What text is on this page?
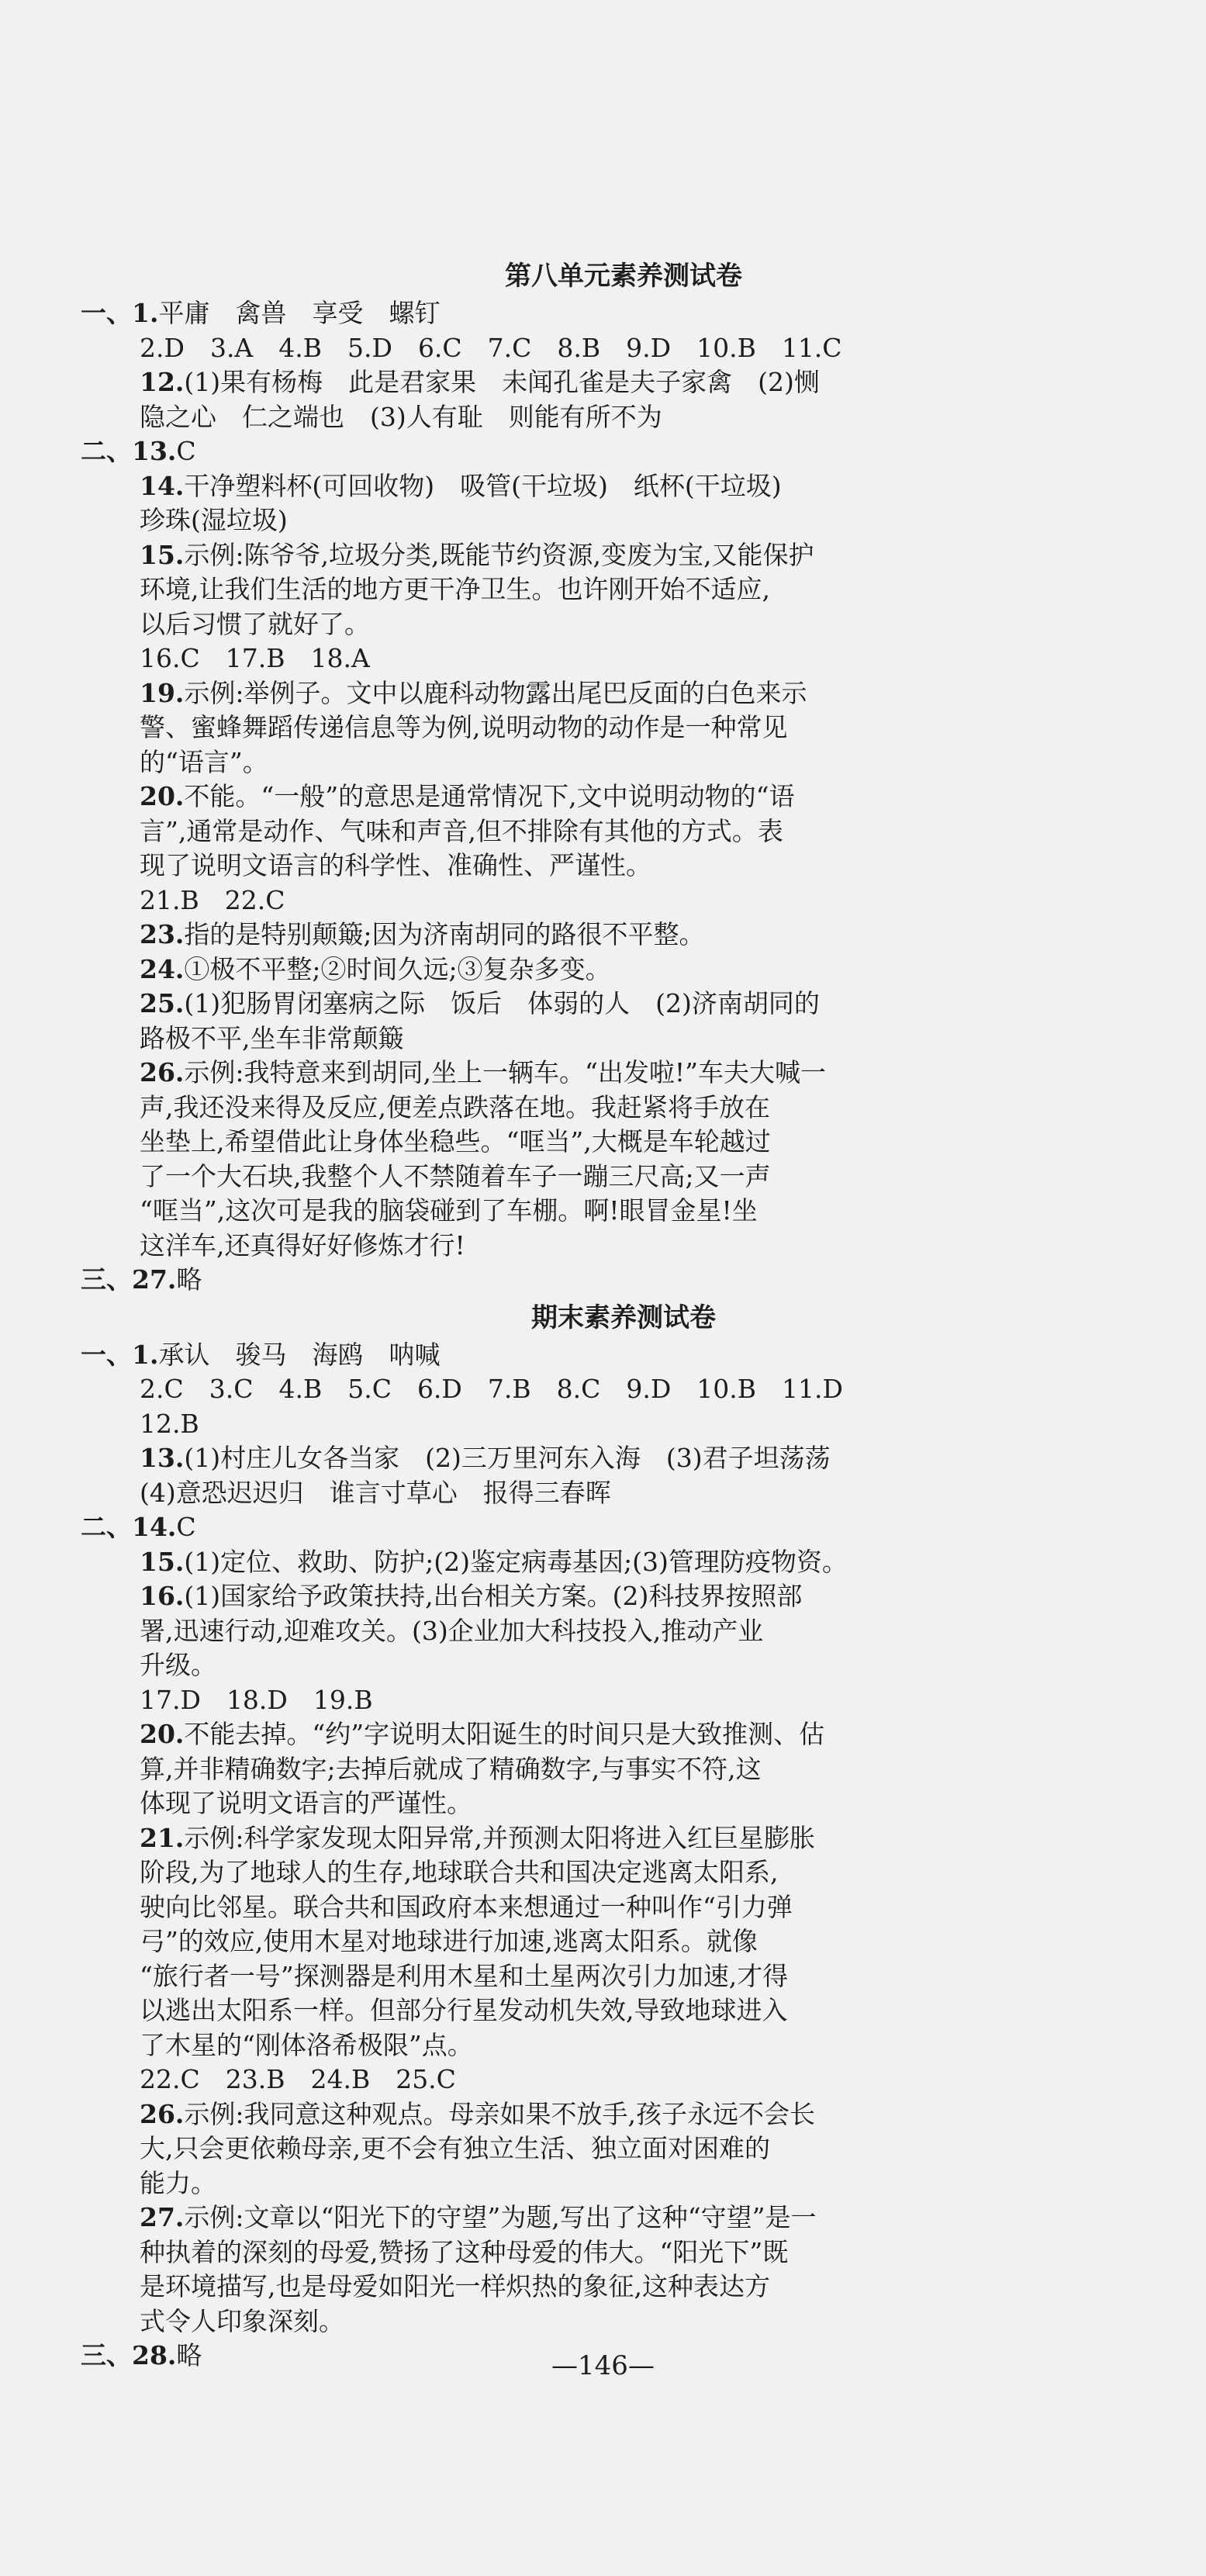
第八单元素养测试卷
一、1.平庸　禽兽　享受　螺钉
2.D　3.A　4.B　5.D　6.C　7.C　8.B　9.D　10.B　11.C
12.(1)果有杨梅　此是君家果　未闻孔雀是夫子家禽　(2)恻
隐之心　仁之端也　(3)人有耻　则能有所不为
二、13.C
14.干净塑料杯(可回收物)　吸管(干垃圾)　纸杯(干垃圾)
珍珠(湿垃圾)
15.示例:陈爷爷,垃圾分类,既能节约资源,变废为宝,又能保护
环境,让我们生活的地方更干净卫生。也许刚开始不适应,
以后习惯了就好了。
16.C　17.B　18.A
19.示例:举例子。文中以鹿科动物露出尾巴反面的白色来示
警、蜜蜂舞蹈传递信息等为例,说明动物的动作是一种常见
的“语言”。
20.不能。“一般”的意思是通常情况下,文中说明动物的“语
言”,通常是动作、气味和声音,但不排除有其他的方式。表
现了说明文语言的科学性、准确性、严谨性。
21.B　22.C
23.指的是特别颠簸;因为济南胡同的路很不平整。
24.①极不平整;②时间久远;③复杂多变。
25.(1)犯肠胃闭塞病之际　饭后　体弱的人　(2)济南胡同的
路极不平,坐车非常颠簸
26.示例:我特意来到胡同,坐上一辆车。“出发啦!”车夫大喊一
声,我还没来得及反应,便差点跌落在地。我赶紧将手放在
坐垫上,希望借此让身体坐稳些。“哐当”,大概是车轮越过
了一个大石块,我整个人不禁随着车子一蹦三尺高;又一声
“哐当”,这次可是我的脑袋碰到了车棚。啊!眼冒金星!坐
这洋车,还真得好好修炼才行!
三、27.略
期末素养测试卷
一、1.承认　骏马　海鸥　呐喊
2.C　3.C　4.B　5.C　6.D　7.B　8.C　9.D　10.B　11.D
12.B
13.(1)村庄儿女各当家　(2)三万里河东入海　(3)君子坦荡荡
(4)意恐迟迟归　谁言寸草心　报得三春晖
二、14.C
15.(1)定位、救助、防护;(2)鉴定病毒基因;(3)管理防疫物资。
16.(1)国家给予政策扶持,出台相关方案。(2)科技界按照部
署,迅速行动,迎难攻关。(3)企业加大科技投入,推动产业
升级。
17.D　18.D　19.B
20.不能去掉。“约”字说明太阳诞生的时间只是大致推测、估
算,并非精确数字;去掉后就成了精确数字,与事实不符,这
体现了说明文语言的严谨性。
21.示例:科学家发现太阳异常,并预测太阳将进入红巨星膨胀
阶段,为了地球人的生存,地球联合共和国决定逃离太阳系,
驶向比邻星。联合共和国政府本来想通过一种叫作“引力弹
弓”的效应,使用木星对地球进行加速,逃离太阳系。就像
“旅行者一号”探测器是利用木星和土星两次引力加速,才得
以逃出太阳系一样。但部分行星发动机失效,导致地球进入
了木星的“刚体洛希极限”点。
22.C　23.B　24.B　25.C
26.示例:我同意这种观点。母亲如果不放手,孩子永远不会长
大,只会更依赖母亲,更不会有独立生活、独立面对困难的
能力。
27.示例:文章以“阳光下的守望”为题,写出了这种“守望”是一
种执着的深刻的母爱,赞扬了这种母爱的伟大。“阳光下”既
是环境描写,也是母爱如阳光一样炽热的象征,这种表达方
式令人印象深刻。
三、28.略	—146—
